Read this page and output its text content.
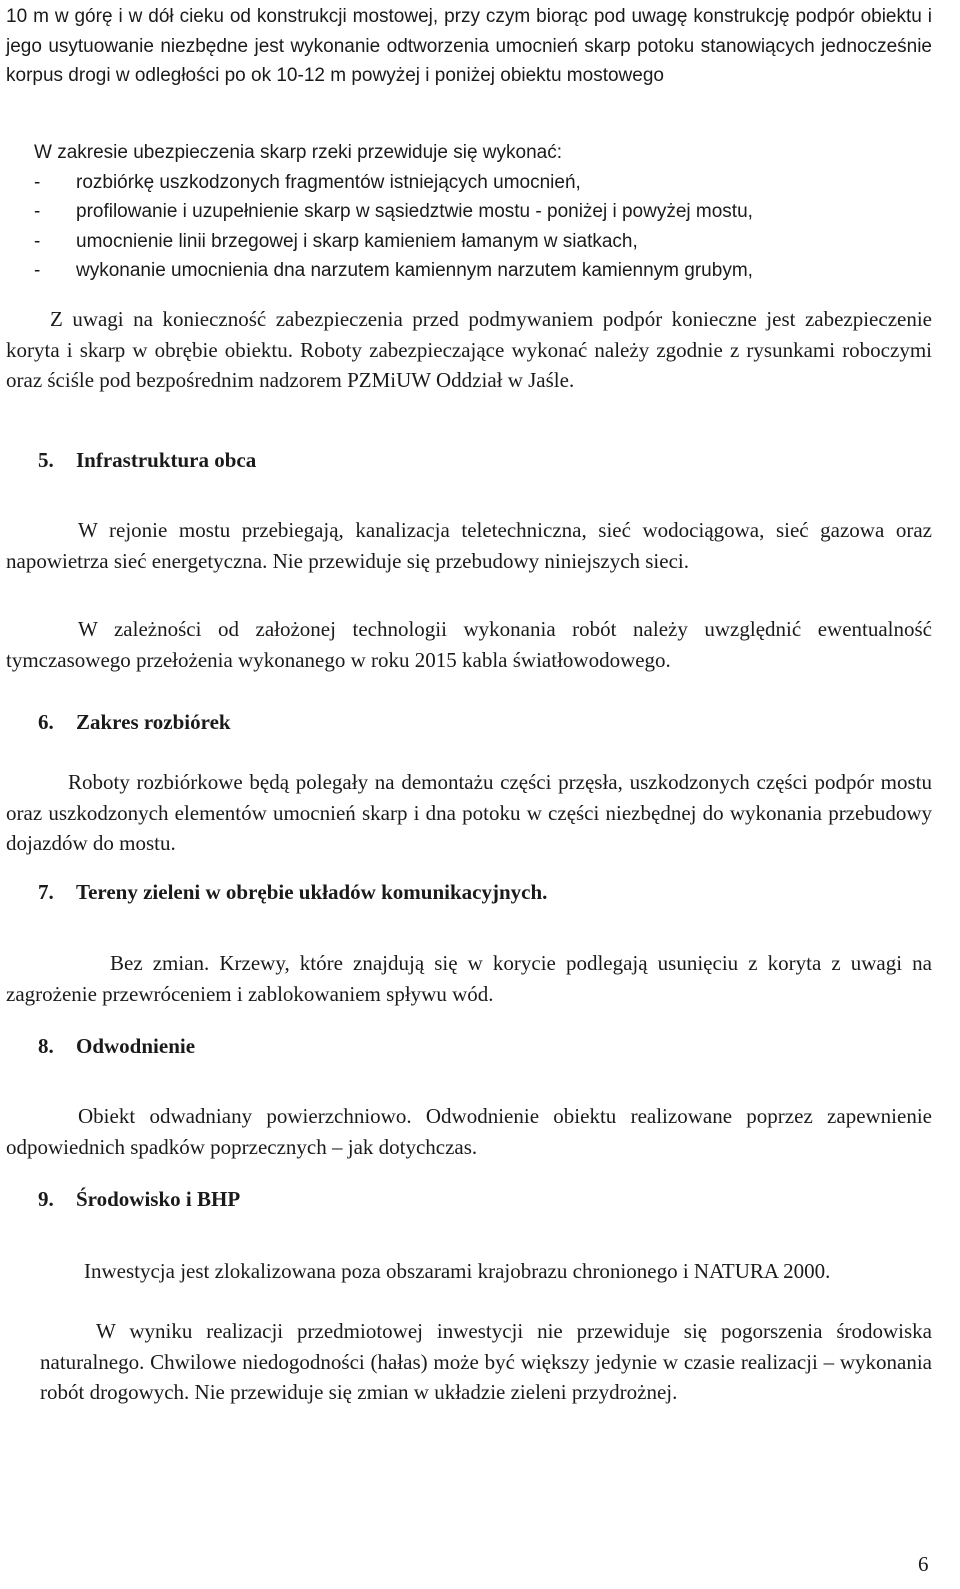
10 m w górę i w dół cieku od konstrukcji mostowej, przy czym biorąc pod uwagę konstrukcję podpór obiektu i jego usytuowanie niezbędne jest wykonanie odtworzenia umocnień skarp potoku stanowiących jednocześnie korpus drogi w odległości po ok 10-12 m powyżej i poniżej obiektu mostowego

W zakresie ubezpieczenia skarp rzeki przewiduje się wykonać:
- rozbiórkę uszkodzonych fragmentów istniejących umocnień,
- profilowanie i uzupełnienie skarp w sąsiedztwie mostu - poniżej i powyżej mostu,
- umocnienie linii brzegowej i skarp kamieniem łamanym w siatkach,
- wykonanie umocnienia dna narzutem kamiennym narzutem kamiennym grubym,

Z uwagi na konieczność zabezpieczenia przed podmywaniem podpór konieczne jest zabezpieczenie koryta i skarp w obrębie obiektu. Roboty zabezpieczające wykonać należy zgodnie z rysunkami roboczymi oraz ściśle pod bezpośrednim nadzorem PZMiUW Oddział w Jaśle.

5. Infrastruktura obca

W rejonie mostu przebiegają, kanalizacja teletechniczna, sieć wodociągowa, sieć gazowa oraz napowietrza sieć energetyczna. Nie przewiduje się przebudowy niniejszych sieci.

W zależności od założonej technologii wykonania robót należy uwzględnić ewentualność tymczasowego przełożenia wykonanego w roku 2015 kabla światłowodowego.

6. Zakres rozbiórek

Roboty rozbiórkowe będą polegały na demontażu części przęsła, uszkodzonych części podpór mostu oraz uszkodzonych elementów umocnień skarp i dna potoku w części niezbędnej do wykonania przebudowy dojazdów do mostu.

7. Tereny zieleni w obrębie układów komunikacyjnych.

Bez zmian. Krzewy, które znajdują się w korycie podlegają usunięciu z koryta z uwagi na zagrożenie przewróceniem i zablokowaniem spływu wód.

8. Odwodnienie

Obiekt odwadniany powierzchniowo. Odwodnienie obiektu realizowane poprzez zapewnienie odpowiednich spadków poprzecznych – jak dotychczas.

9. Środowisko i BHP

Inwestycja jest zlokalizowana poza obszarami krajobrazu chronionego i NATURA 2000.

W wyniku realizacji przedmiotowej inwestycji nie przewiduje się pogorszenia środowiska naturalnego. Chwilowe niedogodności (hałas) może być większy jedynie w czasie realizacji – wykonania robót drogowych. Nie przewiduje się zmian w układzie zieleni przydrożnej.

6
